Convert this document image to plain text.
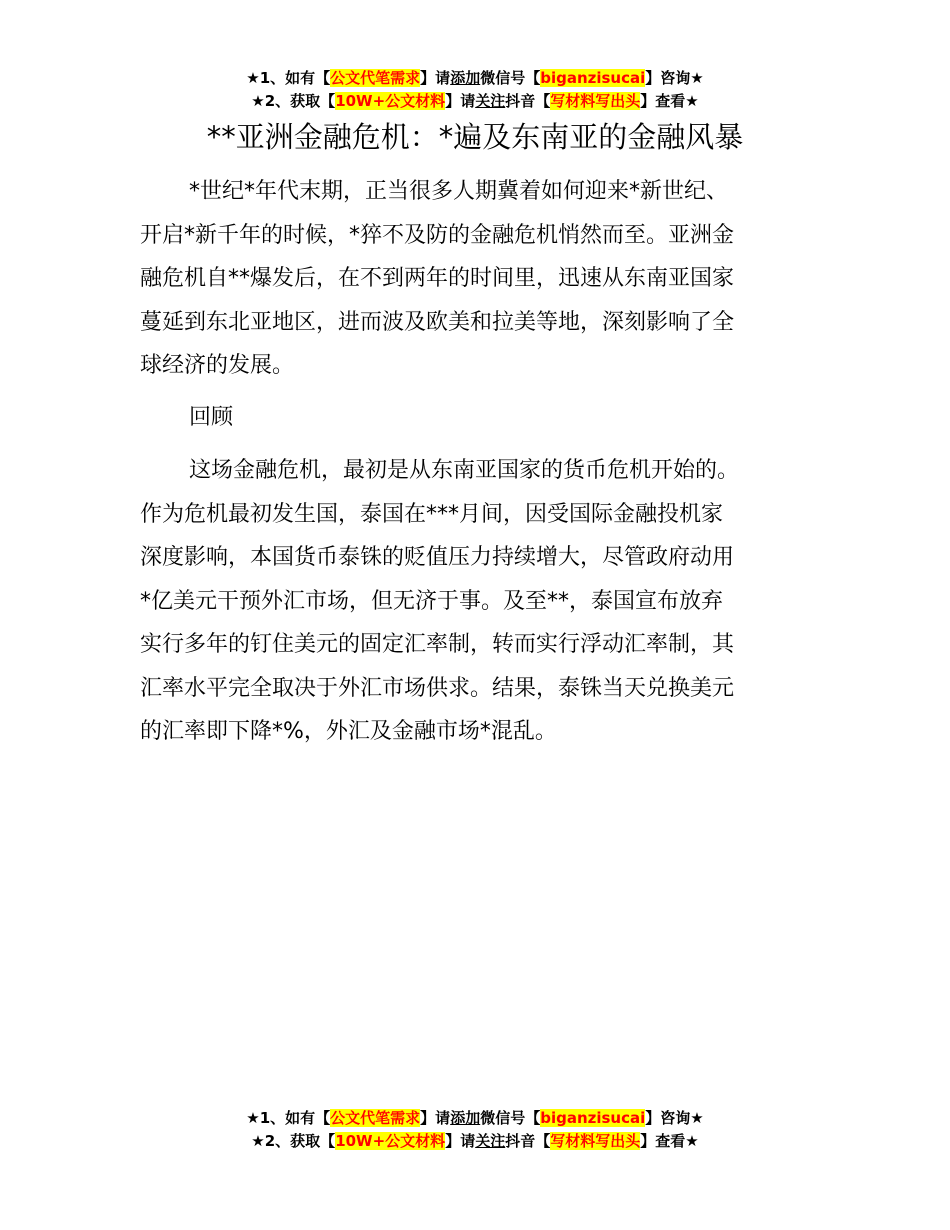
★1、如有【公文代笔需求】请添加微信号【biganzisucai】咨询★
★2、获取【10W+公文材料】请关注抖音【写材料写出头】查看★
**亚洲金融危机：*遍及东南亚的金融风暴
*世纪*年代末期，正当很多人期冀着如何迎来*新世纪、
开启*新千年的时候，*猝不及防的金融危机悄然而至。亚洲金
融危机自**爆发后，在不到两年的时间里，迅速从东南亚国家
蔓延到东北亚地区，进而波及欧美和拉美等地，深刻影响了全
球经济的发展。
回顾
这场金融危机，最初是从东南亚国家的货币危机开始的。
作为危机最初发生国，泰国在***月间，因受国际金融投机家
深度影响，本国货币泰铢的贬值压力持续增大，尽管政府动用
*亿美元干预外汇市场，但无济于事。及至**，泰国宣布放弃
实行多年的钉住美元的固定汇率制，转而实行浮动汇率制，其
汇率水平完全取决于外汇市场供求。结果，泰铢当天兑换美元
的汇率即下降*%，外汇及金融市场*混乱。
★1、如有【公文代笔需求】请添加微信号【biganzisucai】咨询★
★2、获取【10W+公文材料】请关注抖音【写材料写出头】查看★
